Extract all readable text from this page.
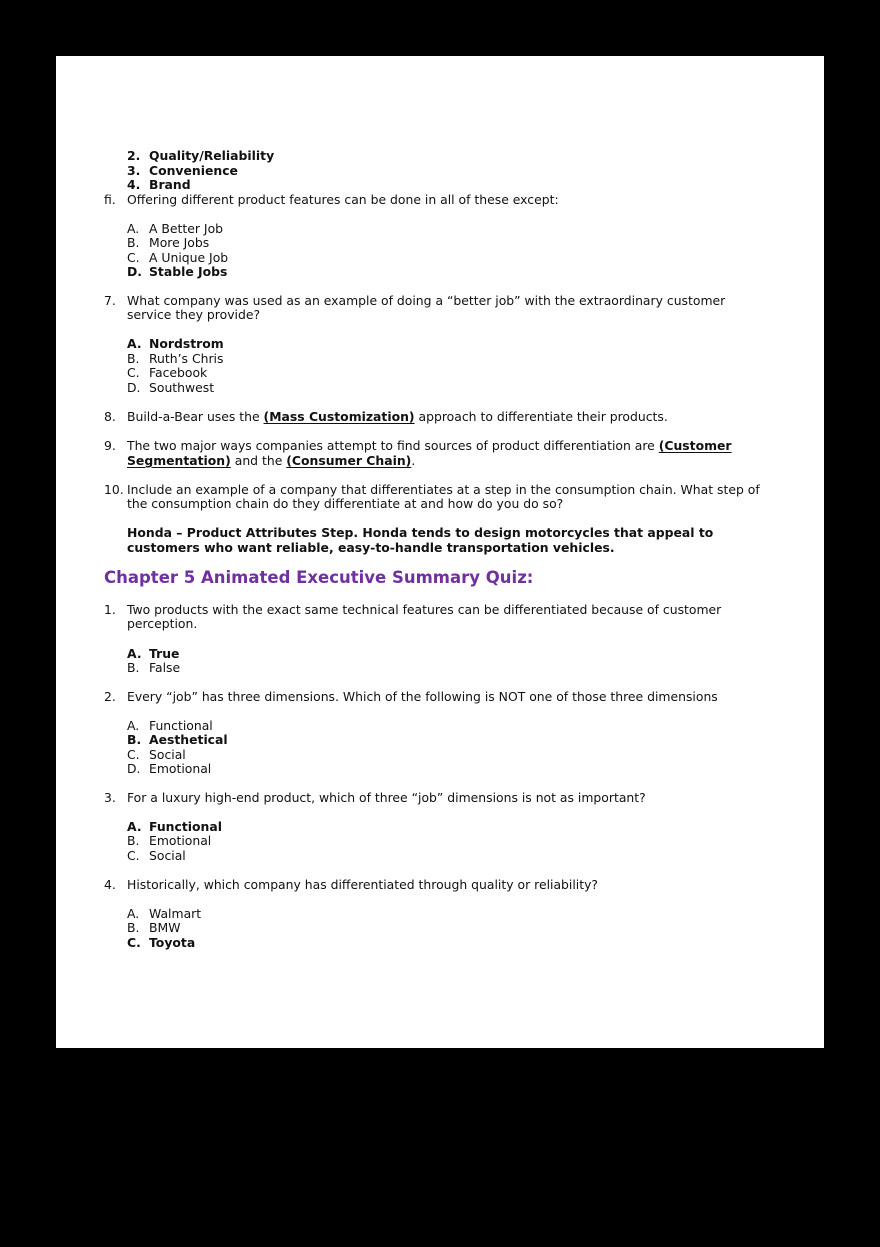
2. Quality/Reliability
3. Convenience
4. Brand
fi. Offering different product features can be done in all of these except:
A. A Better Job
B. More Jobs
C. A Unique Job
D. Stable Jobs
7. What company was used as an example of doing a “better job” with the extraordinary customer
service they provide?
A. Nordstrom
B. Ruth’s Chris
C. Facebook
D. Southwest
8. Build-a-Bear uses the (Mass Customization) approach to differentiate their products.
9. The two major ways companies attempt to find sources of product differentiation are (Customer
Segmentation) and the (Consumer Chain).
10. Include an example of a company that differentiates at a step in the consumption chain. What step of
the consumption chain do they differentiate at and how do you do so?
Honda – Product Attributes Step. Honda tends to design motorcycles that appeal to
customers who want reliable, easy-to-handle transportation vehicles.
Chapter 5 Animated Executive Summary Quiz:
1. Two products with the exact same technical features can be differentiated because of customer
perception.
A. True
B. False
2. Every “job” has three dimensions. Which of the following is NOT one of those three dimensions
A. Functional
B. Aesthetical
C. Social
D. Emotional
3. For a luxury high-end product, which of three “job” dimensions is not as important?
A. Functional
B. Emotional
C. Social
4. Historically, which company has differentiated through quality or reliability?
A. Walmart
B. BMW
C. Toyota
